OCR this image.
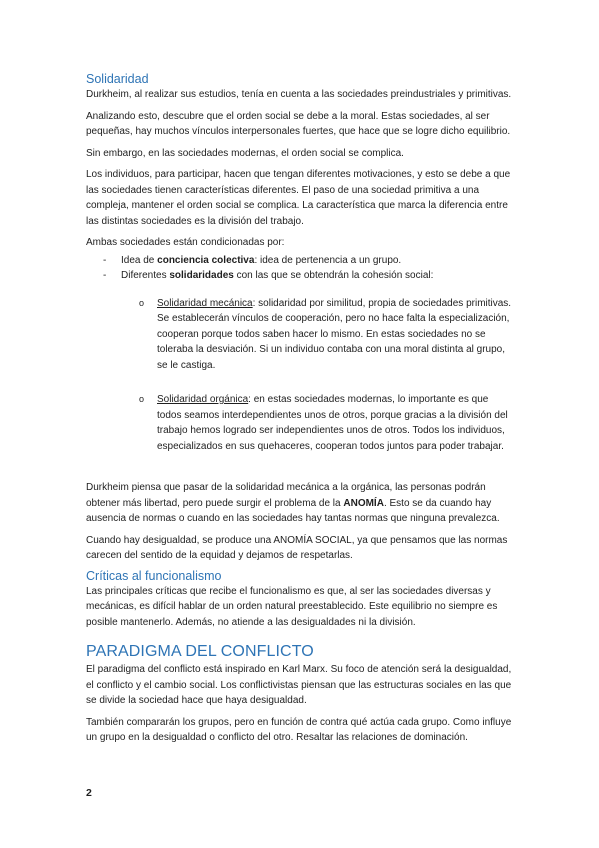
Solidaridad

Durkheim, al realizar sus estudios, tenía en cuenta a las sociedades preindustriales y primitivas.

Analizando esto, descubre que el orden social se debe a la moral. Estas sociedades, al ser pequeñas, hay muchos vínculos interpersonales fuertes, que hace que se logre dicho equilibrio.

Sin embargo, en las sociedades modernas, el orden social se complica.

Los individuos, para participar, hacen que tengan diferentes motivaciones, y esto se debe a que las sociedades tienen características diferentes. El paso de una sociedad primitiva a una compleja, mantener el orden social se complica. La característica que marca la diferencia entre las distintas sociedades es la división del trabajo.

Ambas sociedades están condicionadas por:

- Idea de conciencia colectiva: idea de pertenencia a un grupo.
- Diferentes solidaridades con las que se obtendrán la cohesión social:
o Solidaridad mecánica: solidaridad por similitud, propia de sociedades primitivas. Se establecerán vínculos de cooperación, pero no hace falta la especialización, cooperan porque todos saben hacer lo mismo. En estas sociedades no se toleraba la desviación. Si un individuo contaba con una moral distinta al grupo, se le castiga.
o Solidaridad orgánica: en estas sociedades modernas, lo importante es que todos seamos interdependientes unos de otros, porque gracias a la división del trabajo hemos logrado ser independientes unos de otros. Todos los individuos, especializados en sus quehaceres, cooperan todos juntos para poder trabajar.

Durkheim piensa que pasar de la solidaridad mecánica a la orgánica, las personas podrán obtener más libertad, pero puede surgir el problema de la ANOMÍA. Esto se da cuando hay ausencia de normas o cuando en las sociedades hay tantas normas que ninguna prevalezca.

Cuando hay desigualdad, se produce una ANOMÍA SOCIAL, ya que pensamos que las normas carecen del sentido de la equidad y dejamos de respetarlas.

Críticas al funcionalismo

Las principales críticas que recibe el funcionalismo es que, al ser las sociedades diversas y mecánicas, es difícil hablar de un orden natural preestablecido. Este equilibrio no siempre es posible mantenerlo. Además, no atiende a las desigualdades ni la división.

PARADIGMA DEL CONFLICTO

El paradigma del conflicto está inspirado en Karl Marx. Su foco de atención será la desigualdad, el conflicto y el cambio social. Los conflictivistas piensan que las estructuras sociales en las que se divide la sociedad hace que haya desigualdad.

También compararán los grupos, pero en función de contra qué actúa cada grupo. Como influye un grupo en la desigualdad o conflicto del otro. Resaltar las relaciones de dominación.

2
